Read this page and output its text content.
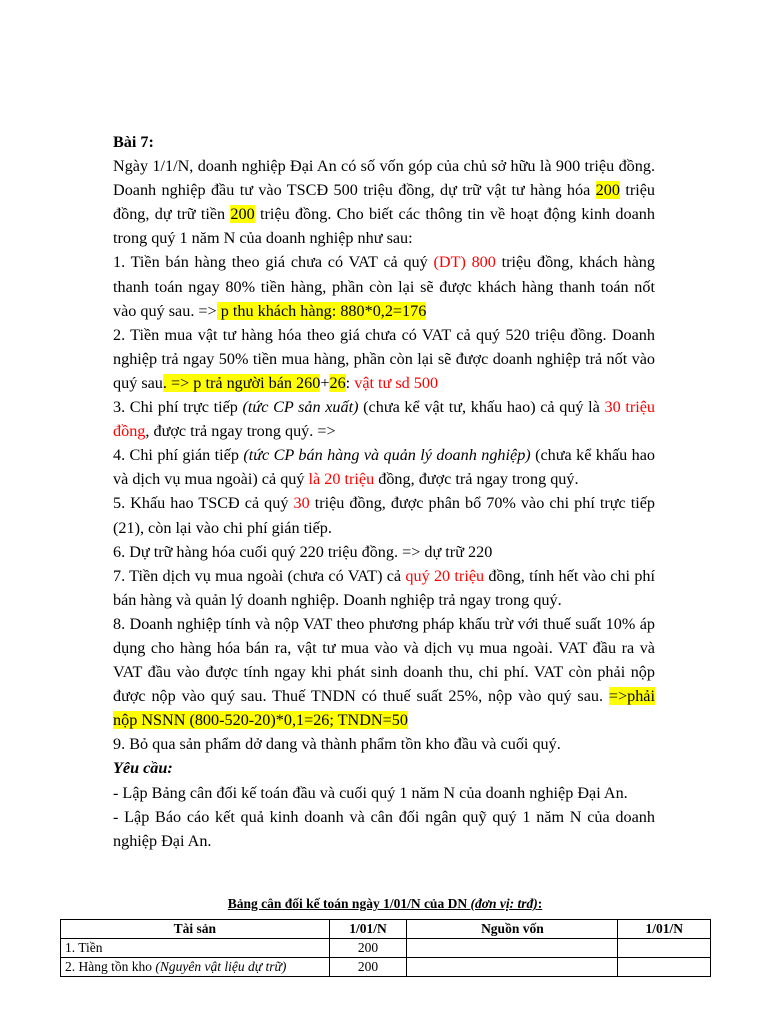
Bài 7:

Ngày 1/1/N, doanh nghiệp Đại An có số vốn góp của chủ sở hữu là 900 triệu đồng. Doanh nghiệp đầu tư vào TSCĐ 500 triệu đồng, dự trữ vật tư hàng hóa 200 triệu đồng, dự trữ tiền 200 triệu đồng. Cho biết các thông tin về hoạt động kinh doanh trong quý 1 năm N của doanh nghiệp như sau:

1. Tiền bán hàng theo giá chưa có VAT cả quý (DT) 800 triệu đồng, khách hàng thanh toán ngay 80% tiền hàng, phần còn lại sẽ được khách hàng thanh toán nốt vào quý sau. => p thu khách hàng: 880*0,2=176

2. Tiền mua vật tư hàng hóa theo giá chưa có VAT cả quý 520 triệu đồng. Doanh nghiệp trả ngay 50% tiền mua hàng, phần còn lại sẽ được doanh nghiệp trả nốt vào quý sau. => p trả người bán 260+26: vật tư sd 500

3. Chi phí trực tiếp (tức CP sản xuất) (chưa kể vật tư, khấu hao) cả quý là 30 triệu đồng, được trả ngay trong quý. =>

4. Chi phí gián tiếp (tức CP bán hàng và quản lý doanh nghiệp) (chưa kể khấu hao và dịch vụ mua ngoài) cả quý là 20 triệu đồng, được trả ngay trong quý.

5. Khấu hao TSCĐ cả quý 30 triệu đồng, được phân bổ 70% vào chi phí trực tiếp (21), còn lại vào chi phí gián tiếp.

6. Dự trữ hàng hóa cuối quý 220 triệu đồng. => dự trữ 220

7. Tiền dịch vụ mua ngoài (chưa có VAT) cả quý 20 triệu đồng, tính hết vào chi phí bán hàng và quản lý doanh nghiệp. Doanh nghiệp trả ngay trong quý.

8. Doanh nghiệp tính và nộp VAT theo phương pháp khấu trừ với thuế suất 10% áp dụng cho hàng hóa bán ra, vật tư mua vào và dịch vụ mua ngoài. VAT đầu ra và VAT đầu vào được tính ngay khi phát sinh doanh thu, chi phí. VAT còn phải nộp được nộp vào quý sau. Thuế TNDN có thuế suất 25%, nộp vào quý sau. =>phải nộp NSNN (800-520-20)*0,1=26; TNDN=50

9. Bỏ qua sản phẩm dở dang và thành phẩm tồn kho đầu và cuối quý.

Yêu cầu:

- Lập Bảng cân đối kế toán đầu và cuối quý 1 năm N của doanh nghiệp Đại An.

- Lập Báo cáo kết quả kinh doanh và cân đối ngân quỹ quý 1 năm N của doanh nghiệp Đại An.

Bảng cân đối kế toán ngày 1/01/N của DN (đơn vị: trđ):
Tài sản	1/01/N	Nguồn vốn	1/01/N
1. Tiền	200		
2. Hàng tồn kho (Nguyên vật liệu dự trữ)	200		
